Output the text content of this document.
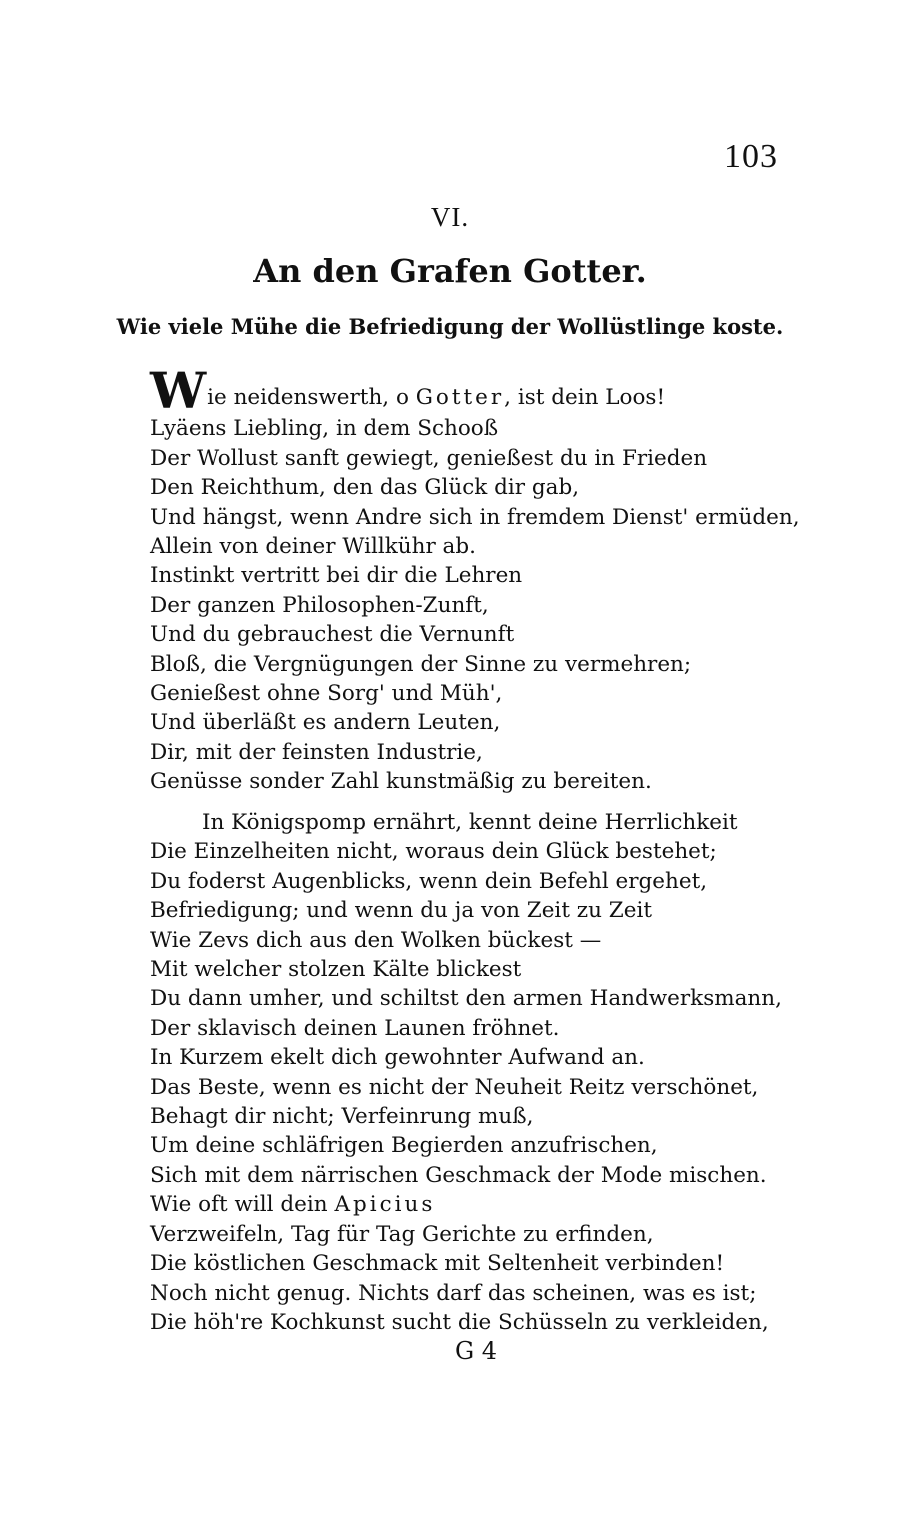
103
VI.
An den Grafen Gotter.
Wie viele Mühe die Befriedigung der Wollüstlinge koste.
Wie neidenswerth, o Gotter, ist dein Loos!
Lyäens Liebling, in dem Schooß
Der Wollust sanft gewiegt, genießest du in Frieden
Den Reichthum, den das Glück dir gab,
Und hängst, wenn Andre sich in fremdem Dienst' ermüden,
Allein von deiner Willkühr ab.
Instinkt vertritt bei dir die Lehren
Der ganzen Philosophen-Zunft,
Und du gebrauchest die Vernunft
Bloß, die Vergnügungen der Sinne zu vermehren;
Genießest ohne Sorg' und Müh',
Und überläßt es andern Leuten,
Dir, mit der feinsten Industrie,
Genüsse sonder Zahl kunstmäßig zu bereiten.
In Königspomp ernährt, kennt deine Herrlichkeit
Die Einzelheiten nicht, woraus dein Glück bestehet;
Du foderst Augenblicks, wenn dein Befehl ergehet,
Befriedigung; und wenn du ja von Zeit zu Zeit
Wie Zevs dich aus den Wolken bückest —
Mit welcher stolzen Kälte blickest
Du dann umher, und schiltst den armen Handwerksmann,
Der sklavisch deinen Launen fröhnet.
In Kurzem ekelt dich gewohnter Aufwand an.
Das Beste, wenn es nicht der Neuheit Reitz verschönet,
Behagt dir nicht; Verfeinrung muß,
Um deine schläfrigen Begierden anzufrischen,
Sich mit dem närrischen Geschmack der Mode mischen.
Wie oft will dein Apicius
Verzweifeln, Tag für Tag Gerichte zu erfinden,
Die köstlichen Geschmack mit Seltenheit verbinden!
Noch nicht genug. Nichts darf das scheinen, was es ist;
Die höh're Kochkunst sucht die Schüsseln zu verkleiden,
G 4
